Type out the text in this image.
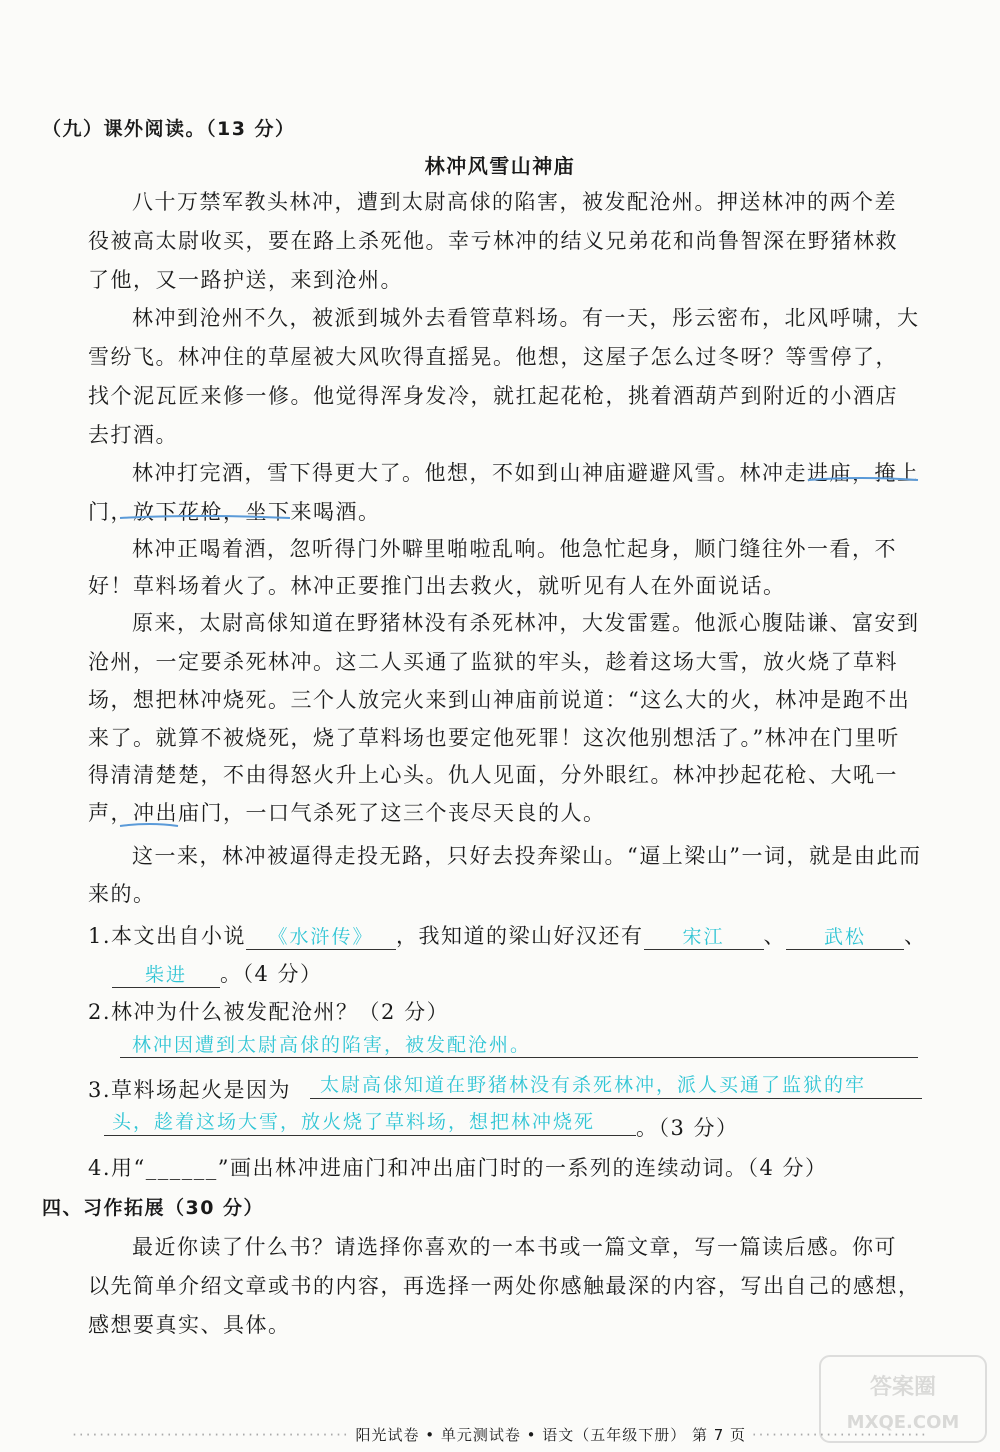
（九）课外阅读。（13 分）
林冲风雪山神庙
八十万禁军教头林冲，遭到太尉高俅的陷害，被发配沧州。押送林冲的两个差
役被高太尉收买，要在路上杀死他。幸亏林冲的结义兄弟花和尚鲁智深在野猪林救
了他，又一路护送，来到沧州。
林冲到沧州不久，被派到城外去看管草料场。有一天，彤云密布，北风呼啸，大
雪纷飞。林冲住的草屋被大风吹得直摇晃。他想，这屋子怎么过冬呀？等雪停了，
找个泥瓦匠来修一修。他觉得浑身发冷，就扛起花枪，挑着酒葫芦到附近的小酒店
去打酒。
林冲打完酒，雪下得更大了。他想，不如到山神庙避避风雪。林冲走进庙，掩上
门，放下花枪，坐下来喝酒。
林冲正喝着酒，忽听得门外噼里啪啦乱响。他急忙起身，顺门缝往外一看，不
好！草料场着火了。林冲正要推门出去救火，就听见有人在外面说话。
原来，太尉高俅知道在野猪林没有杀死林冲，大发雷霆。他派心腹陆谦、富安到
沧州，一定要杀死林冲。这二人买通了监狱的牢头，趁着这场大雪，放火烧了草料
场，想把林冲烧死。三个人放完火来到山神庙前说道：“这么大的火，林冲是跑不出
来了。就算不被烧死，烧了草料场也要定他死罪！这次他别想活了。”林冲在门里听
得清清楚楚，不由得怒火升上心头。仇人见面，分外眼红。林冲抄起花枪、大吼一
声，冲出庙门，一口气杀死了这三个丧尽天良的人。
这一来，林冲被逼得走投无路，只好去投奔梁山。“逼上梁山”一词，就是由此而
来的。
1.本文出自小说 《水浒传》 ，我知道的梁山好汉还有 宋江 、 武松 、
柴进 。（4 分）
2.林冲为什么被发配沧州？（2 分）
林冲因遭到太尉高俅的陷害，被发配沧州。
3.草料场起火是因为 太尉高俅知道在野猪林没有杀死林冲，派人买通了监狱的牢
头，趁着这场大雪，放火烧了草料场，想把林冲烧死 。（3 分）
4.用“______”画出林冲进庙门和冲出庙门时的一系列的连续动词。（4 分）
四、习作拓展（30 分）
最近你读了什么书？请选择你喜欢的一本书或一篇文章，写一篇读后感。你可
以先简单介绍文章或书的内容，再选择一两处你感触最深的内容，写出自己的感想，
感想要真实、具体。
········································· 阳光试卷 • 单元测试卷 • 语文（五年级下册） 第 7 页 ··························
答案圈
MXQE.COM
